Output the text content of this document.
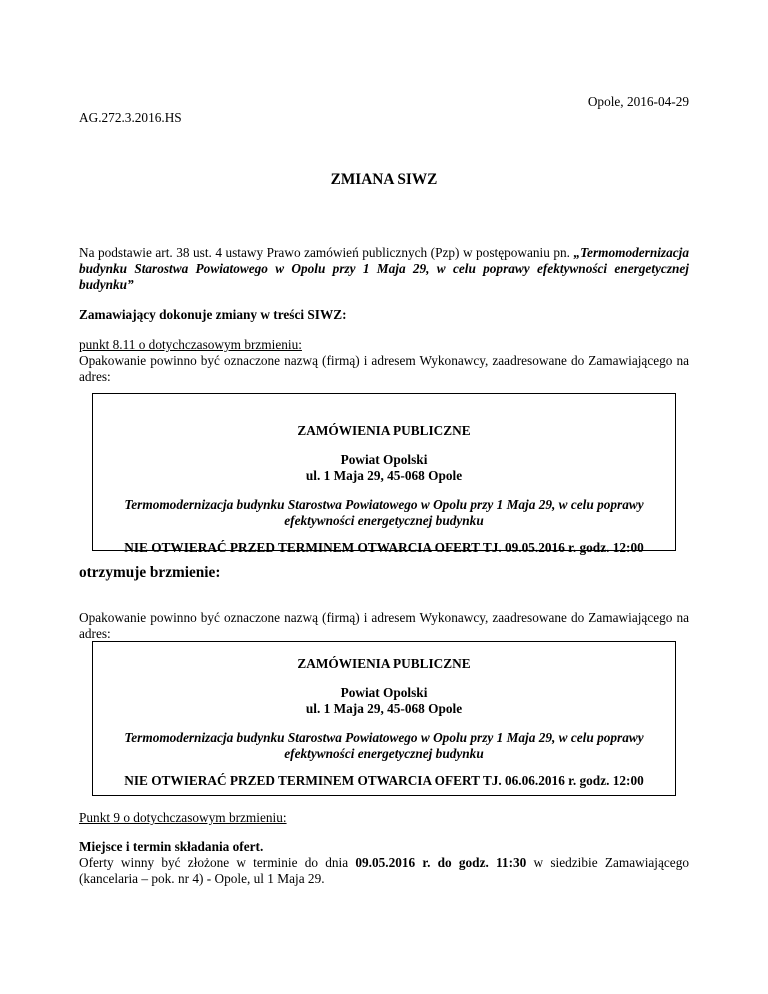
Opole, 2016-04-29
AG.272.3.2016.HS
ZMIANA SIWZ
Na podstawie art. 38 ust. 4 ustawy Prawo zamówień publicznych (Pzp) w postępowaniu pn. „Termomodernizacja budynku Starostwa Powiatowego w Opolu przy 1 Maja 29, w celu poprawy efektywności energetycznej budynku”
Zamawiający dokonuje zmiany w treści SIWZ:
punkt 8.11 o dotychczasowym brzmieniu:
Opakowanie powinno być oznaczone nazwą (firmą) i adresem Wykonawcy, zaadresowane do Zamawiającego na adres:

ZAMÓWIENIA PUBLICZNE

Powiat Opolski

ul. 1 Maja 29, 45-068 Opole

Termomodernizacja budynku Starostwa Powiatowego w Opolu przy 1 Maja 29, w celu poprawy

efektywności energetycznej budynku

NIE OTWIERAĆ PRZED TERMINEM OTWARCIA OFERT TJ. 09.05.2016 r. godz. 12:00

otrzymuje brzmienie:
Opakowanie powinno być oznaczone nazwą (firmą) i adresem Wykonawcy, zaadresowane do Zamawiającego na adres:

ZAMÓWIENIA PUBLICZNE

Powiat Opolski

ul. 1 Maja 29, 45-068 Opole

Termomodernizacja budynku Starostwa Powiatowego w Opolu przy 1 Maja 29, w celu poprawy

efektywności energetycznej budynku

NIE OTWIERAĆ PRZED TERMINEM OTWARCIA OFERT TJ. 06.06.2016 r. godz. 12:00

Punkt 9 o dotychczasowym brzmieniu:
Miejsce i termin składania ofert.
Oferty winny być złożone w terminie do dnia 09.05.2016 r. do godz. 11:30 w siedzibie Zamawiającego (kancelaria – pok. nr 4) - Opole, ul 1 Maja 29.
